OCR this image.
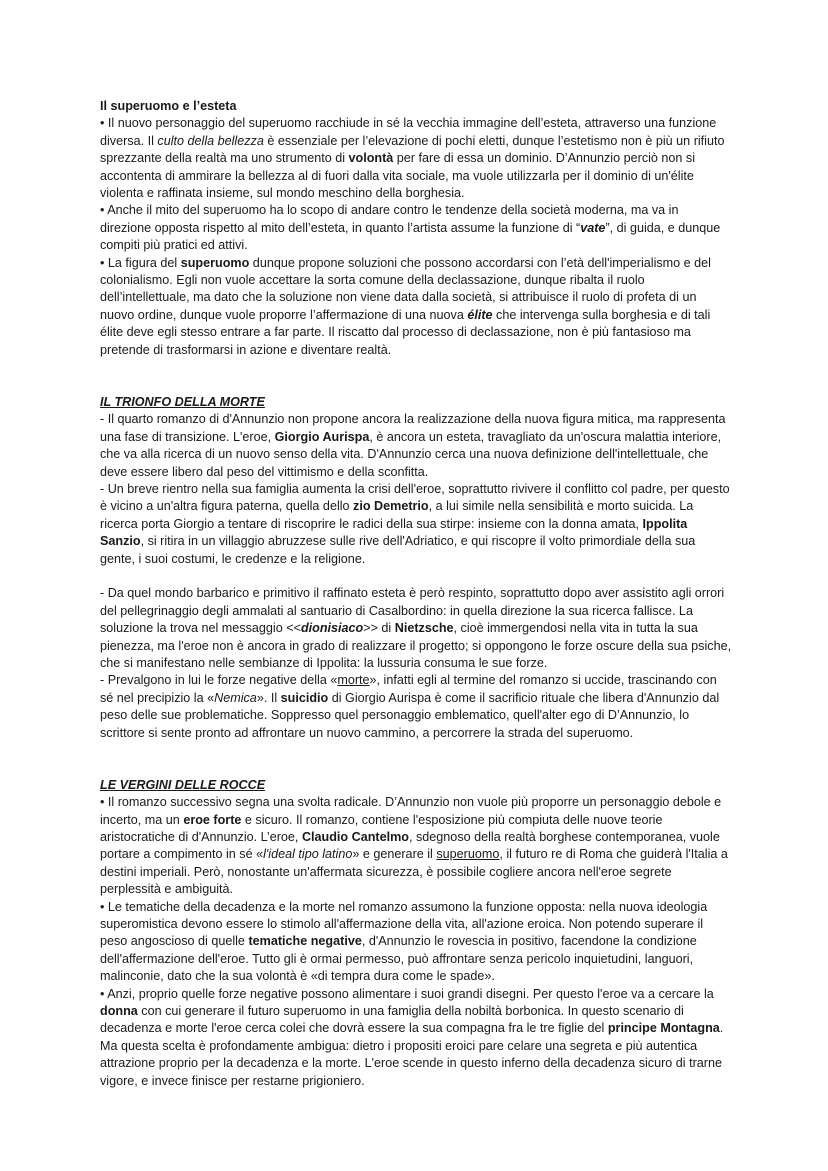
Il superuomo e l’esteta

• Il nuovo personaggio del superuomo racchiude in sé la vecchia immagine dell’esteta, attraverso una funzione diversa. Il culto della bellezza è essenziale per l’elevazione di pochi eletti, dunque l’estetismo non è più un rifiuto sprezzante della realtà ma uno strumento di volontà per fare di essa un dominio. D’Annunzio perciò non si accontenta di ammirare la bellezza al di fuori dalla vita sociale, ma vuole utilizzarla per il dominio di un'élite violenta e raffinata insieme, sul mondo meschino della borghesia.

• Anche il mito del superuomo ha lo scopo di andare contro le tendenze della società moderna, ma va in direzione opposta rispetto al mito dell’esteta, in quanto l’artista assume la funzione di “vate”, di guida, e dunque compiti più pratici ed attivi.

• La figura del superuomo dunque propone soluzioni che possono accordarsi con l’età dell'imperialismo e del colonialismo. Egli non vuole accettare la sorta comune della declassazione, dunque ribalta il ruolo dell’intellettuale, ma dato che la soluzione non viene data dalla società, si attribuisce il ruolo di profeta di un nuovo ordine, dunque vuole proporre l’affermazione di una nuova élite che intervenga sulla borghesia e di tali élite deve egli stesso entrare a far parte. Il riscatto dal processo di declassazione, non è più fantasioso ma pretende di trasformarsi in azione e diventare realtà.

IL TRIONFO DELLA MORTE

- Il quarto romanzo di d'Annunzio non propone ancora la realizzazione della nuova figura mitica, ma rappresenta una fase di transizione. L'eroe, Giorgio Aurispa, è ancora un esteta, travagliato da un'oscura malattia interiore, che va alla ricerca di un nuovo senso della vita. D'Annunzio cerca una nuova definizione dell'intellettuale, che deve essere libero dal peso del vittimismo e della sconfitta.

- Un breve rientro nella sua famiglia aumenta la crisi dell'eroe, soprattutto rivivere il conflitto col padre, per questo è vicino a un'altra figura paterna, quella dello zio Demetrio, a lui simile nella sensibilità e morto suicida. La ricerca porta Giorgio a tentare di riscoprire le radici della sua stirpe: insieme con la donna amata, Ippolita Sanzio, si ritira in un villaggio abruzzese sulle rive dell'Adriatico, e qui riscopre il volto primordiale della sua gente, i suoi costumi, le credenze e la religione.

- Da quel mondo barbarico e primitivo il raffinato esteta è però respinto, soprattutto dopo aver assistito agli orrori del pellegrinaggio degli ammalati al santuario di Casalbordino: in quella direzione la sua ricerca fallisce. La soluzione la trova nel messaggio <<dionisiaco>> di Nietzsche, cioè immergendosi nella vita in tutta la sua pienezza, ma l'eroe non è ancora in grado di realizzare il progetto; si oppongono le forze oscure della sua psiche, che si manifestano nelle sembianze di Ippolita: la lussuria consuma le sue forze.

- Prevalgono in lui le forze negative della «morte», infatti egli al termine del romanzo si uccide, trascinando con sé nel precipizio la «Nemica». Il suicidio di Giorgio Aurispa è come il sacrificio rituale che libera d'Annunzio dal peso delle sue problematiche. Soppresso quel personaggio emblematico, quell'alter ego di D’Annunzio, lo scrittore si sente pronto ad affrontare un nuovo cammino, a percorrere la strada del superuomo.

LE VERGINI DELLE ROCCE

• Il romanzo successivo segna una svolta radicale. D’Annunzio non vuole più proporre un personaggio debole e incerto, ma un eroe forte e sicuro. Il romanzo, contiene l'esposizione più compiuta delle nuove teorie aristocratiche di d'Annunzio. L’eroe, Claudio Cantelmo, sdegnoso della realtà borghese contemporanea, vuole portare a compimento in sé «l'ideal tipo latino» e generare il superuomo, il futuro re di Roma che guiderà l'Italia a destini imperiali. Però, nonostante un'affermata sicurezza, è possibile cogliere ancora nell'eroe segrete perplessità e ambiguità.

• Le tematiche della decadenza e la morte nel romanzo assumono la funzione opposta: nella nuova ideologia superomistica devono essere lo stimolo all'affermazione della vita, all'azione eroica. Non potendo superare il peso angoscioso di quelle tematiche negative, d'Annunzio le rovescia in positivo, facendone la condizione dell'affermazione dell'eroe. Tutto gli è ormai permesso, può affrontare senza pericolo inquietudini, languori, malinconie, dato che la sua volontà è «di tempra dura come le spade».

• Anzi, proprio quelle forze negative possono alimentare i suoi grandi disegni. Per questo l'eroe va a cercare la donna con cui generare il futuro superuomo in una famiglia della nobiltà borbonica. In questo scenario di decadenza e morte l'eroe cerca colei che dovrà essere la sua compagna fra le tre figlie del principe Montagna. Ma questa scelta è profondamente ambigua: dietro i propositi eroici pare celare una segreta e più autentica attrazione proprio per la decadenza e la morte. L'eroe scende in questo inferno della decadenza sicuro di trarne vigore, e invece finisce per restarne prigioniero.
